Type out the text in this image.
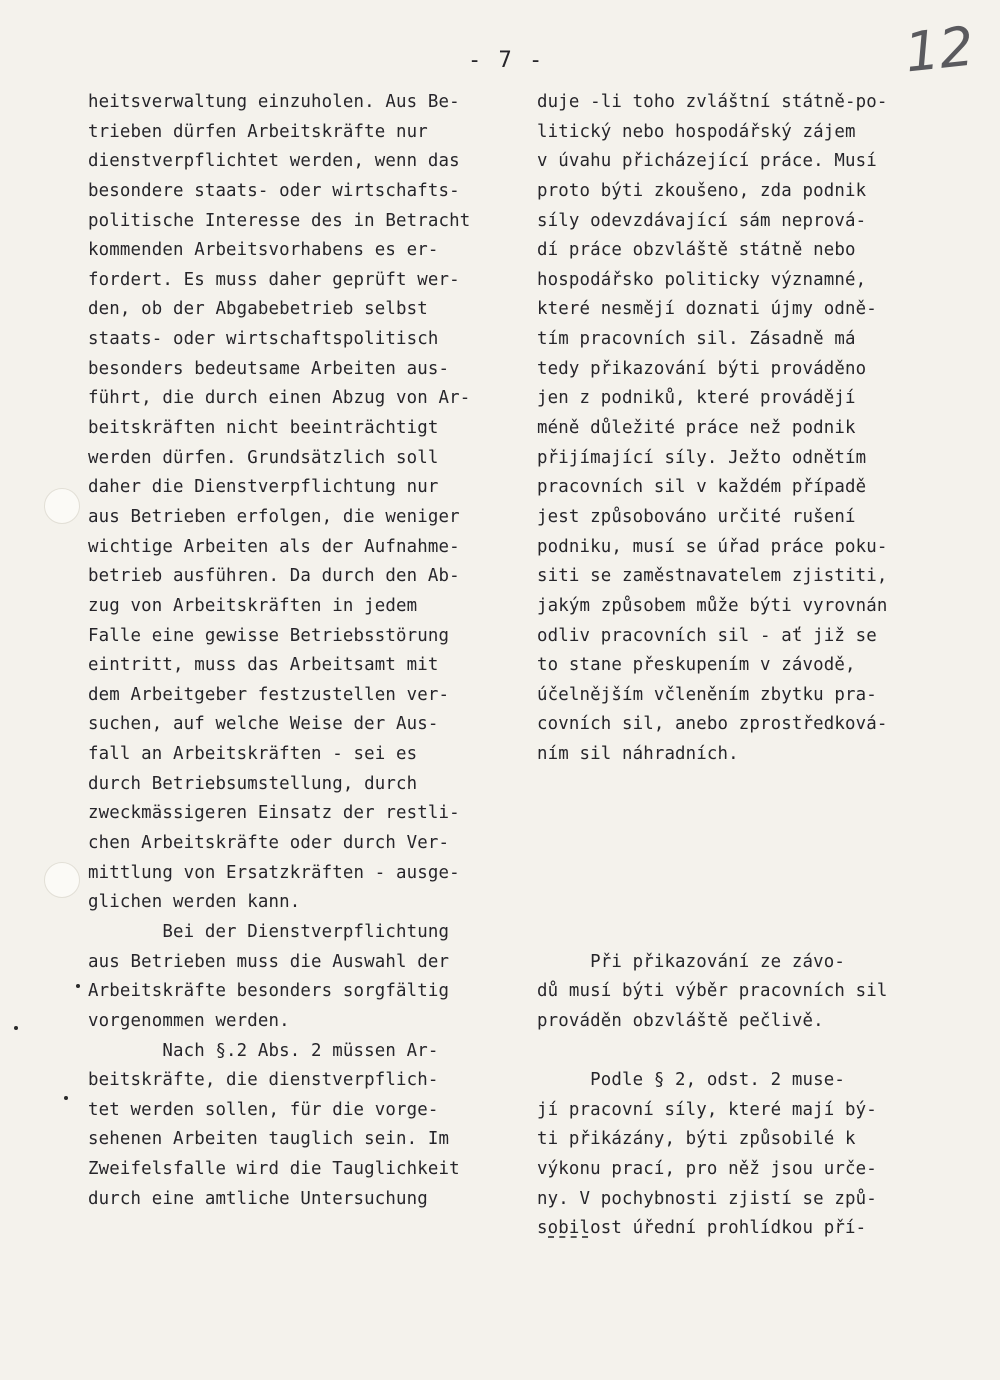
- 7 -	12
heitsverwaltung einzuholen. Aus Be-
trieben dürfen Arbeitskräfte nur
dienstverpflichtet werden, wenn das
besondere staats- oder wirtschafts-
politische Interesse des in Betracht
kommenden Arbeitsvorhabens es er-
fordert. Es muss daher geprüft wer-
den, ob der Abgabebetrieb selbst
staats- oder wirtschaftspolitisch
besonders bedeutsame Arbeiten aus-
führt, die durch einen Abzug von Ar-
beitskräften nicht beeinträchtigt
werden dürfen. Grundsätzlich soll
daher die Dienstverpflichtung nur
aus Betrieben erfolgen, die weniger
wichtige Arbeiten als der Aufnahme-
betrieb ausführen. Da durch den Ab-
zug von Arbeitskräften in jedem
Falle eine gewisse Betriebsstörung
eintritt, muss das Arbeitsamt mit
dem Arbeitgeber festzustellen ver-
suchen, auf welche Weise der Aus-
fall an Arbeitskräften - sei es
durch Betriebsumstellung, durch
zweckmässigeren Einsatz der restli-
chen Arbeitskräfte oder durch Ver-
mittlung von Ersatzkräften - ausge-
glichen werden kann.
Bei der Dienstverpflichtung
aus Betrieben muss die Auswahl der
Arbeitskräfte besonders sorgfältig
vorgenommen werden.
Nach §.2 Abs. 2 müssen Ar-
beitskräfte, die dienstverpflich-
tet werden sollen, für die vorge-
sehenen Arbeiten tauglich sein. Im
Zweifelsfalle wird die Tauglichkeit
durch eine amtliche Untersuchung
duje -li toho zvláštní státně-po-
litický nebo hospodářský zájem
v úvahu přicházející práce. Musí
proto býti zkoušeno, zda podnik
síly odevzdávající sám neprová-
dí práce obzvláště státně nebo
hospodářsko politicky významné,
které nesmějí doznati újmy odně-
tím pracovních sil. Zásadně má
tedy přikazování býti prováděno
jen z podniků, které provádějí
méně důležité práce než podnik
přijímající síly. Ježto odnětím
pracovních sil v každém případě
jest způsobováno určité rušení
podniku, musí se úřad práce poku-
siti se zaměstnavatelem zjistiti,
jakým způsobem může býti vyrovnán
odliv pracovních sil - ať již se
to stane přeskupením v závodě,
účelnějším včleněním zbytku pra-
covních sil, anebo zprostředková-
ním sil náhradních.
Při přikazování ze závo-
dů musí býti výběr pracovních sil
prováděn obzvláště pečlivě.
Podle § 2, odst. 2 muse-
jí pracovní síly, které mají bý-
ti přikázány, býti způsobilé k
výkonu prací, pro něž jsou urče-
ny. V pochybnosti zjistí se způ-
sobilost úřední prohlídkou pří-
